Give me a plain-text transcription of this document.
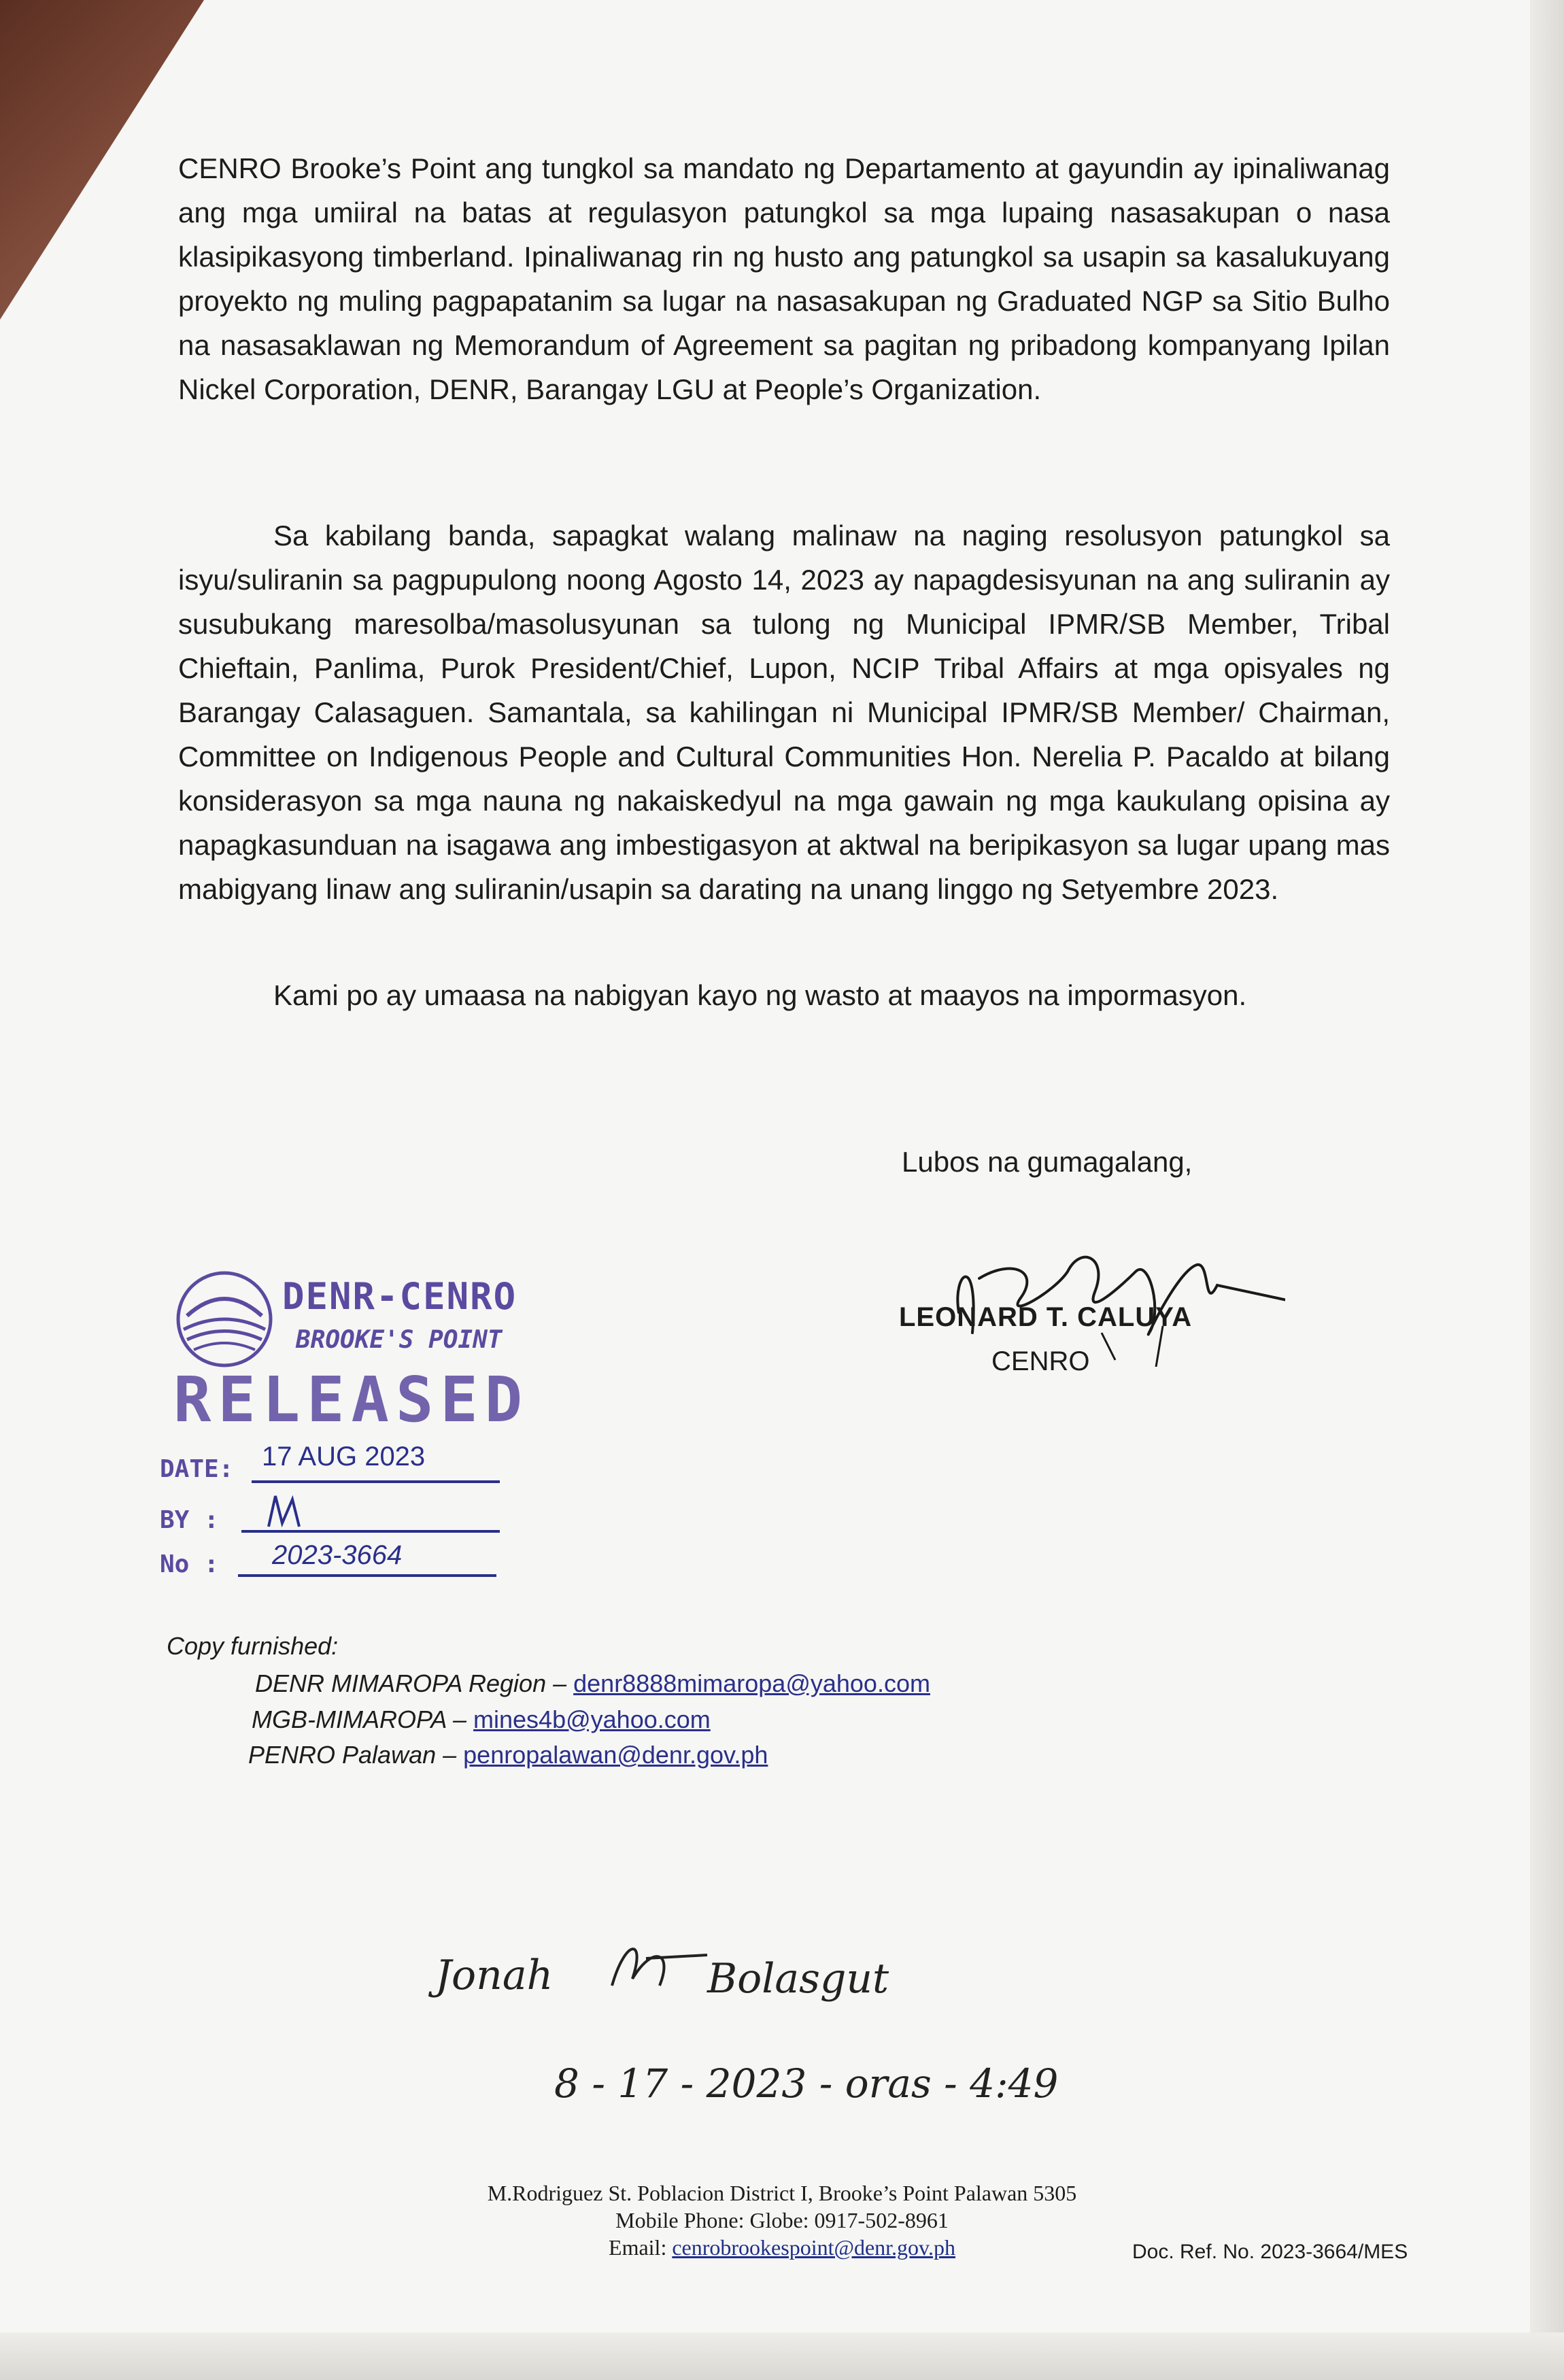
CENRO Brooke’s Point ang tungkol sa mandato ng Departamento at gayundin ay ipinaliwanag ang mga umiiral na batas at regulasyon patungkol sa mga lupaing nasasakupan o nasa klasipikasyong timberland. Ipinaliwanag rin ng husto ang patungkol sa usapin sa kasalukuyang proyekto ng muling pagpapatanim sa lugar na nasasakupan ng Graduated NGP sa Sitio Bulho na nasasaklawan ng Memorandum of Agreement sa pagitan ng pribadong kompanyang Ipilan Nickel Corporation, DENR, Barangay LGU at People’s Organization.
Sa kabilang banda, sapagkat walang malinaw na naging resolusyon patungkol sa isyu/suliranin sa pagpupulong noong Agosto 14, 2023 ay napagdesisyunan na ang suliranin ay susubukang maresolba/masolusyunan sa tulong ng Municipal IPMR/SB Member, Tribal Chieftain, Panlima, Purok President/Chief, Lupon, NCIP Tribal Affairs at mga opisyales ng Barangay Calasaguen. Samantala, sa kahilingan ni Municipal IPMR/SB Member/ Chairman, Committee on Indigenous People and Cultural Communities Hon. Nerelia P. Pacaldo at bilang konsiderasyon sa mga nauna ng nakaiskedyul na mga gawain ng mga kaukulang opisina ay napagkasunduan na isagawa ang imbestigasyon at aktwal na beripikasyon sa lugar upang mas mabigyang linaw ang suliranin/usapin sa darating na unang linggo ng Setyembre 2023.
Kami po ay umaasa na nabigyan kayo ng wasto at maayos na impormasyon.
Lubos na gumagalang,
LEONARD T. CALUYA
CENRO
DENR-CENRO
BROOKE'S POINT
RELEASED
DATE: 17 AUG 2023
BY :
No : 2023-3664
Copy furnished:
DENR MIMAROPA Region – denr8888mimaropa@yahoo.com
MGB-MIMAROPA – mines4b@yahoo.com
PENRO Palawan – penropalawan@denr.gov.ph
Jonah	Bolasgut
8 - 17 - 2023 - oras - 4:49
M.Rodriguez St. Poblacion District I, Brooke’s Point Palawan 5305
Mobile Phone: Globe: 0917-502-8961
Email: cenrobrookespoint@denr.gov.ph	Doc. Ref. No. 2023-3664/MES
